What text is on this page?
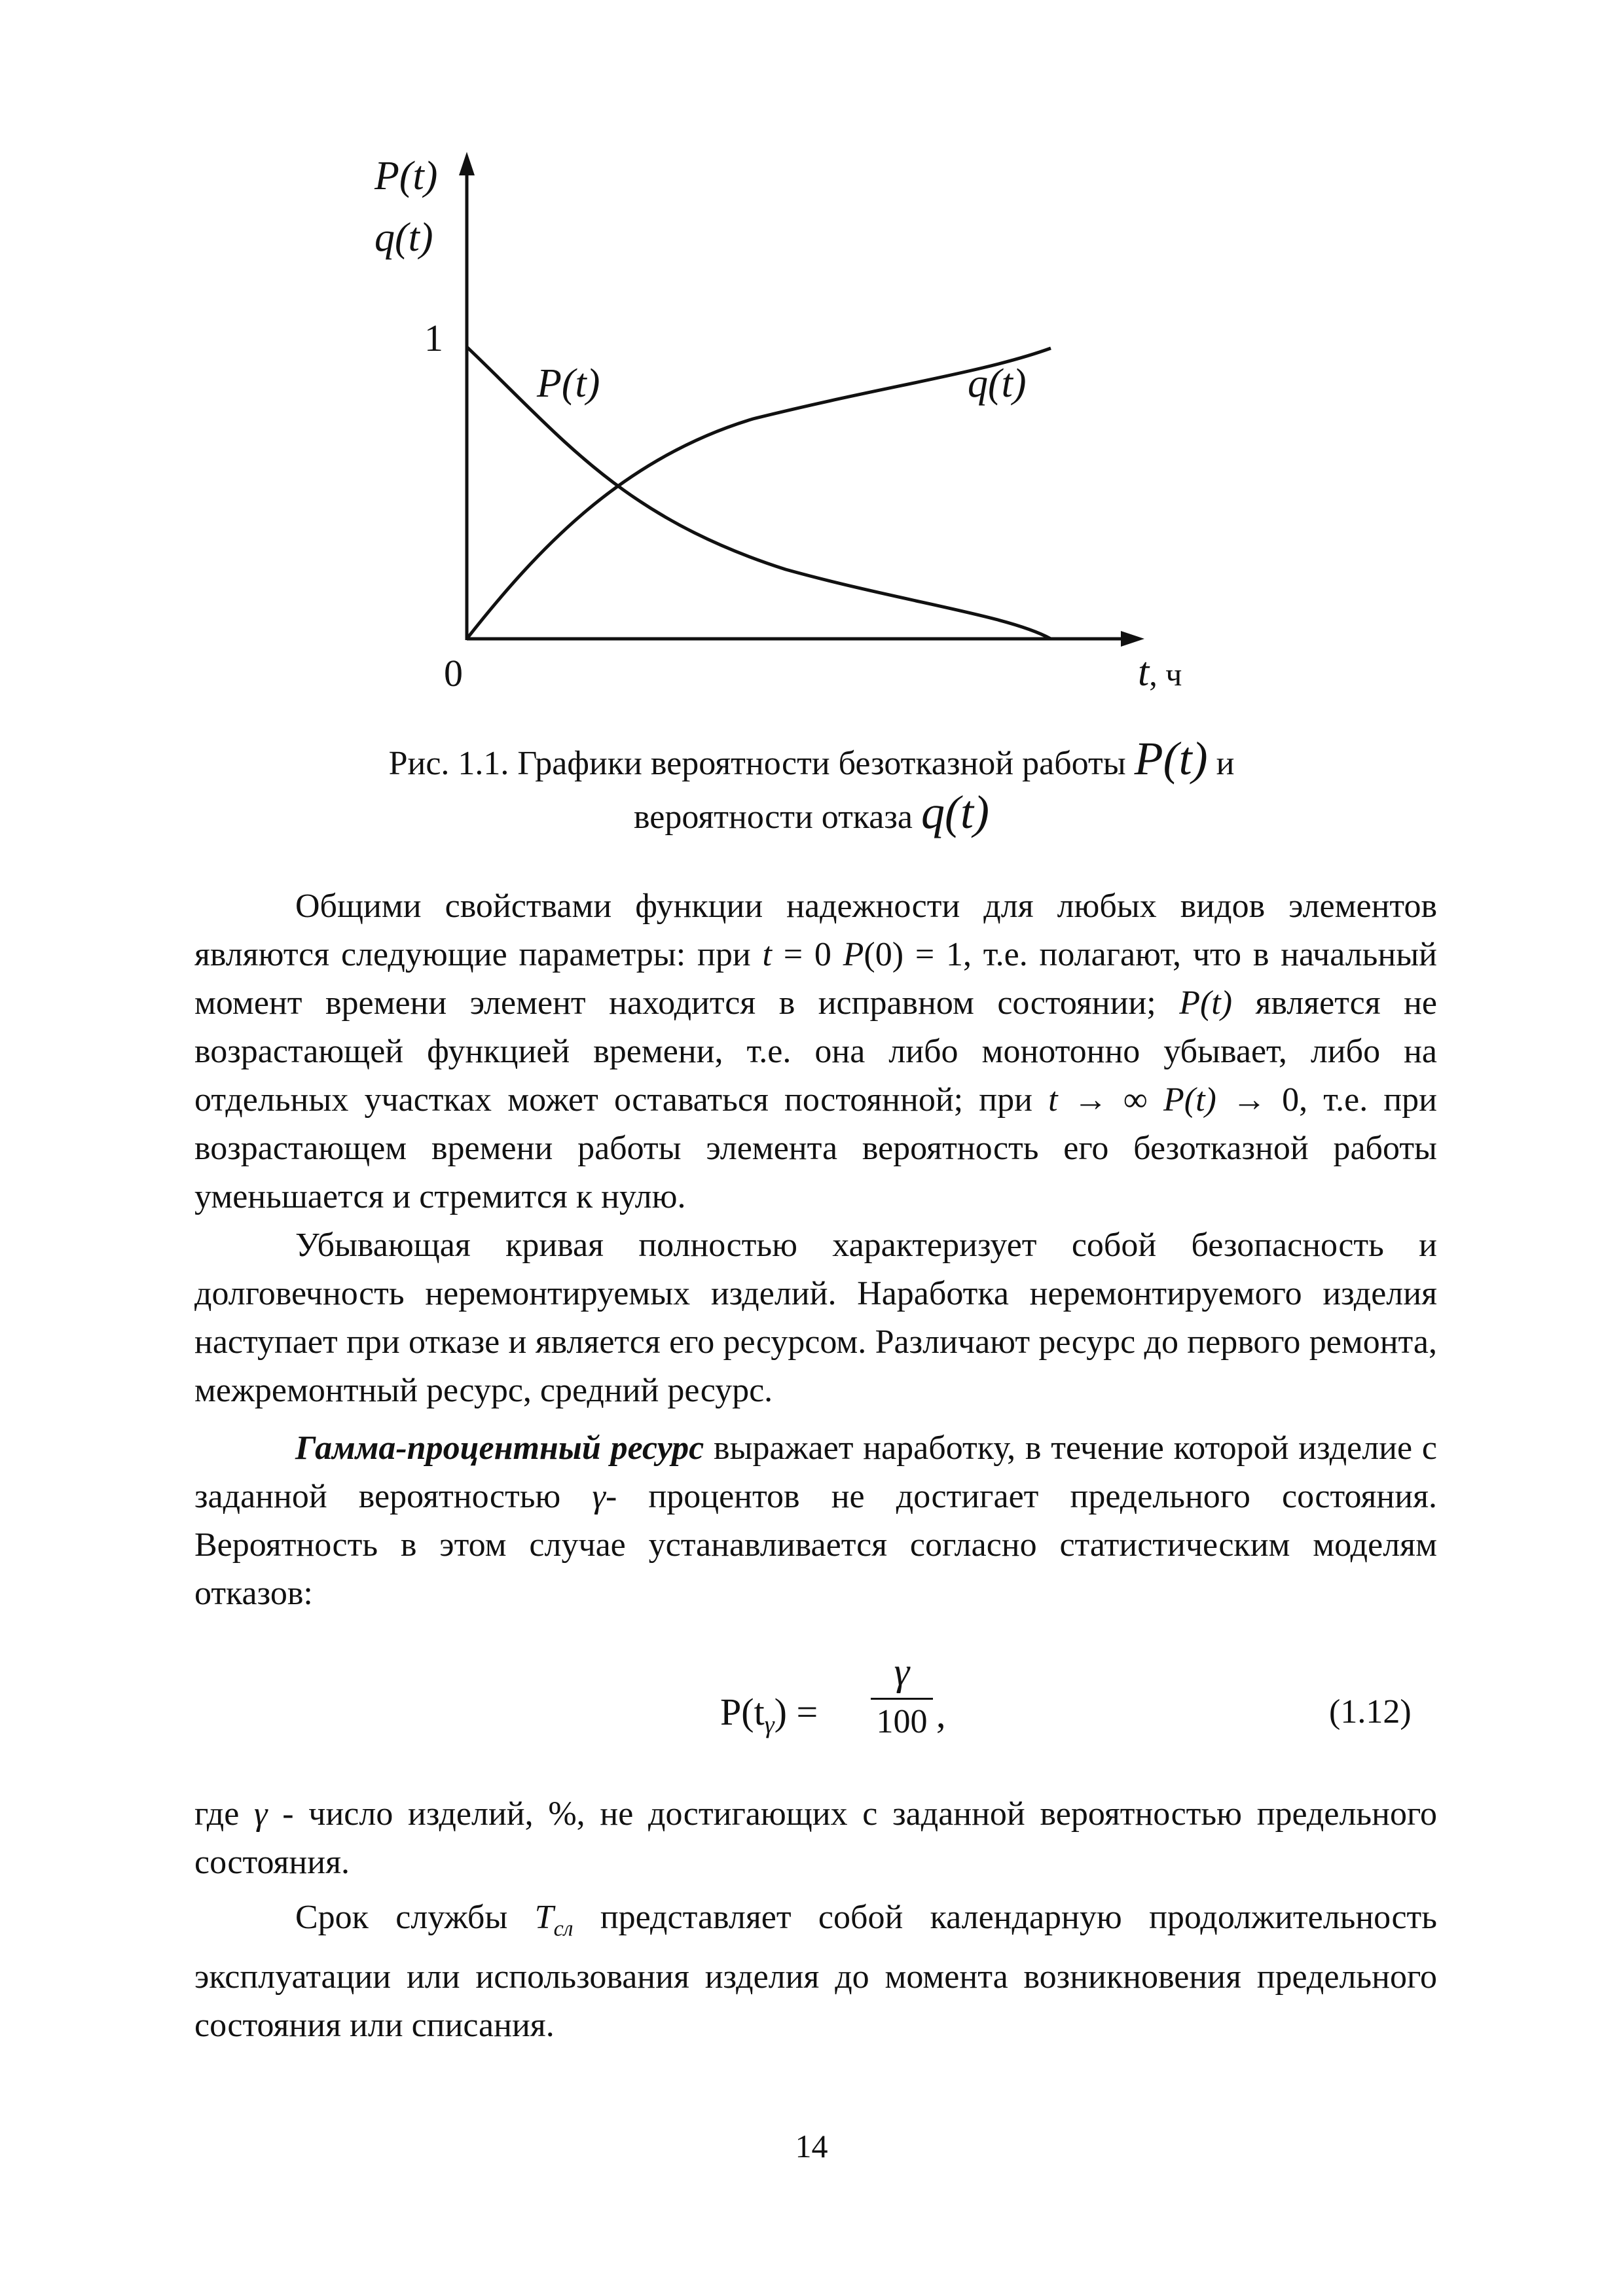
P(t)
q(t)
1
0	t, ч
P(t)	q(t)
Рис. 1.1. Графики вероятности безотказной работы P(t) и
вероятности отказа q(t)

Общими свойствами функции надежности для любых видов элементов являются следующие параметры: при t = 0 P(0) = 1, т.е. полагают, что в начальный момент времени элемент находится в исправном состоянии; P(t) является не возрастающей функцией времени, т.е. она либо монотонно убывает, либо на отдельных участках может оставаться постоянной; при t → ∞ P(t) → 0, т.е. при возрастающем времени работы элемента вероятность его безотказной работы уменьшается и стремится к нулю.

Убывающая кривая полностью характеризует собой безопасность и долговечность неремонтируемых изделий. Наработка неремонтируемого изделия наступает при отказе и является его ресурсом. Различают ресурс до первого ремонта, межремонтный ресурс, средний ресурс.

Гамма-процентный ресурс выражает наработку, в течение которой изделие с заданной вероятностью γ- процентов не достигает предельного состояния. Вероятность в этом случае устанавливается согласно статистическим моделям отказов:

$P(t_\gamma)$ =
γ
100 ,	(1.12)

где γ - число изделий, %, не достигающих с заданной вероятностью предельного состояния.

Срок службы $T_{сл}$ представляет собой календарную продолжительность эксплуатации или использования изделия до момента возникновения предельного состояния или списания.

14
